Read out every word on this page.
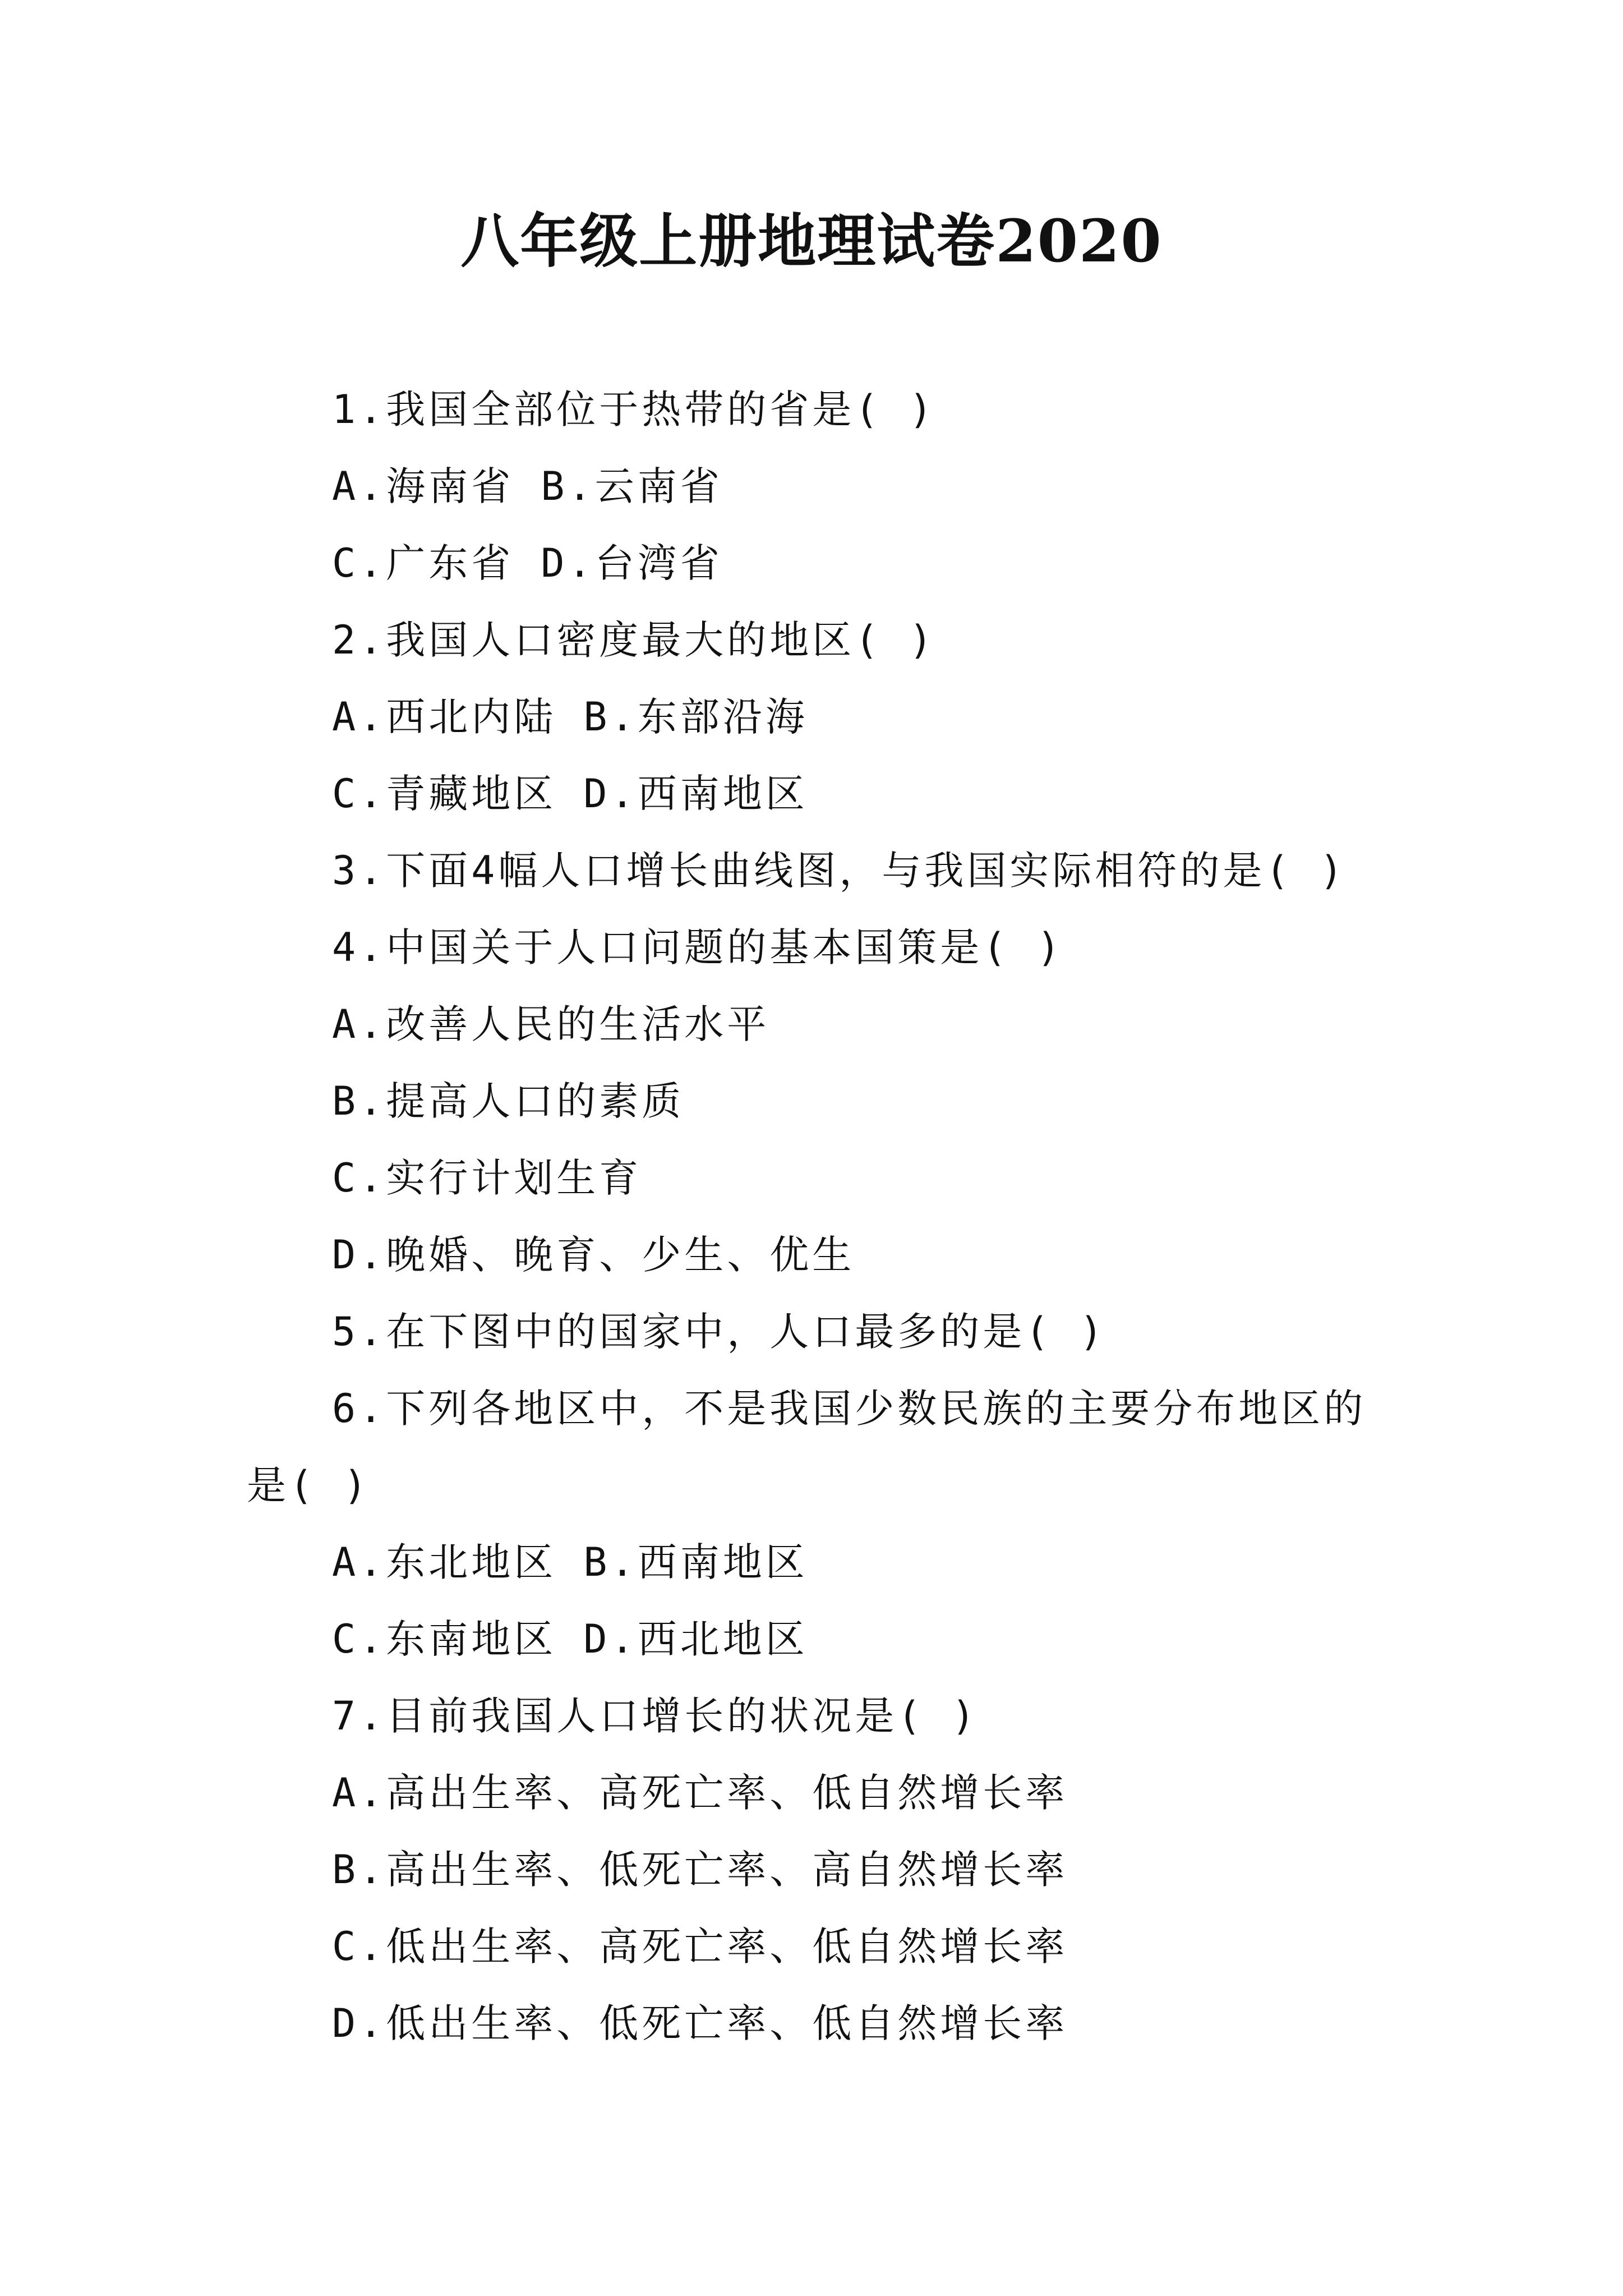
八年级上册地理试卷2020
1.我国全部位于热带的省是( )
A.海南省 B.云南省
C.广东省 D.台湾省
2.我国人口密度最大的地区( )
A.西北内陆 B.东部沿海
C.青藏地区 D.西南地区
3.下面4幅人口增长曲线图，与我国实际相符的是( )
4.中国关于人口问题的基本国策是( )
A.改善人民的生活水平
B.提高人口的素质
C.实行计划生育
D.晚婚、晚育、少生、优生
5.在下图中的国家中，人口最多的是( )
6.下列各地区中，不是我国少数民族的主要分布地区的
是( )
A.东北地区 B.西南地区
C.东南地区 D.西北地区
7.目前我国人口增长的状况是( )
A.高出生率、高死亡率、低自然增长率
B.高出生率、低死亡率、高自然增长率
C.低出生率、高死亡率、低自然增长率
D.低出生率、低死亡率、低自然增长率
